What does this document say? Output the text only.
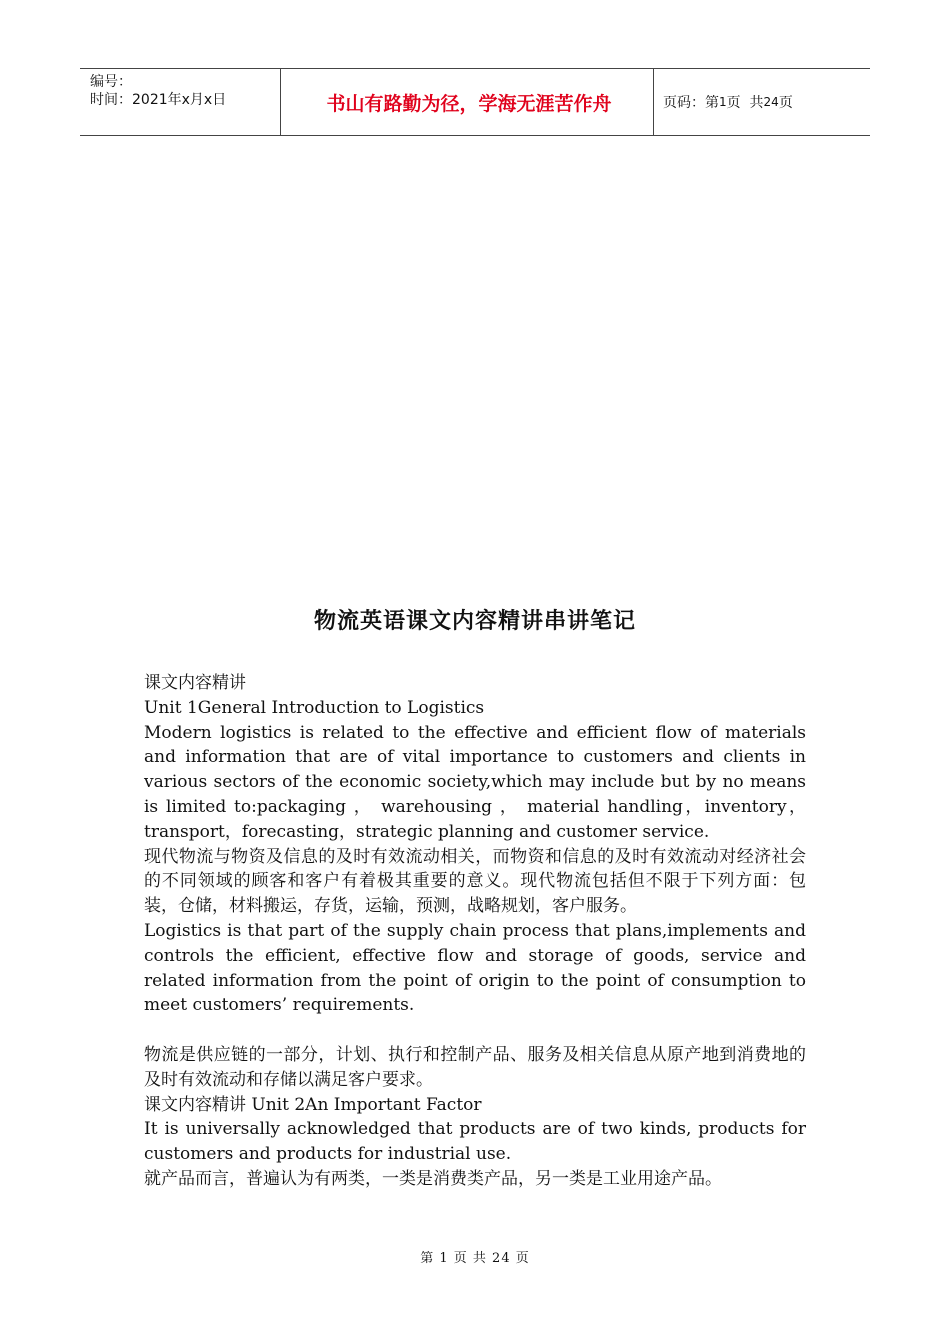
编号：
时间：2021年x月x日	书山有路勤为径，学海无涯苦作舟	页码：第 1 页  共 24 页
物流英语课文内容精讲串讲笔记

课文内容精讲

Unit 1General Introduction to Logistics

Modern logistics is related to the effective and efficient flow of materials and information that are of vital importance to customers and clients in various sectors of the economic society,which may include but by no means is limited to:packaging ， warehousing ， material handling，inventory，transport，forecasting，strategic planning and customer service.

现代物流与物资及信息的及时有效流动相关，而物资和信息的及时有效流动对经济社会的不同领域的顾客和客户有着极其重要的意义。现代物流包括但不限于下列方面：包装，仓储，材料搬运，存货，运输，预测，战略规划，客户服务。

Logistics is that part of the supply chain process that plans,implements and controls the efficient, effective flow and storage of goods, service and related information from the point of origin to the point of consumption to meet customers’ requirements.

物流是供应链的一部分，计划、执行和控制产品、服务及相关信息从原产地到消费地的及时有效流动和存储以满足客户要求。

课文内容精讲 Unit 2An Important Factor

It is universally acknowledged that products are of two kinds, products for customers and products for industrial use.

就产品而言，普遍认为有两类，一类是消费类产品，另一类是工业用途产品。

第 1 页 共 24 页
